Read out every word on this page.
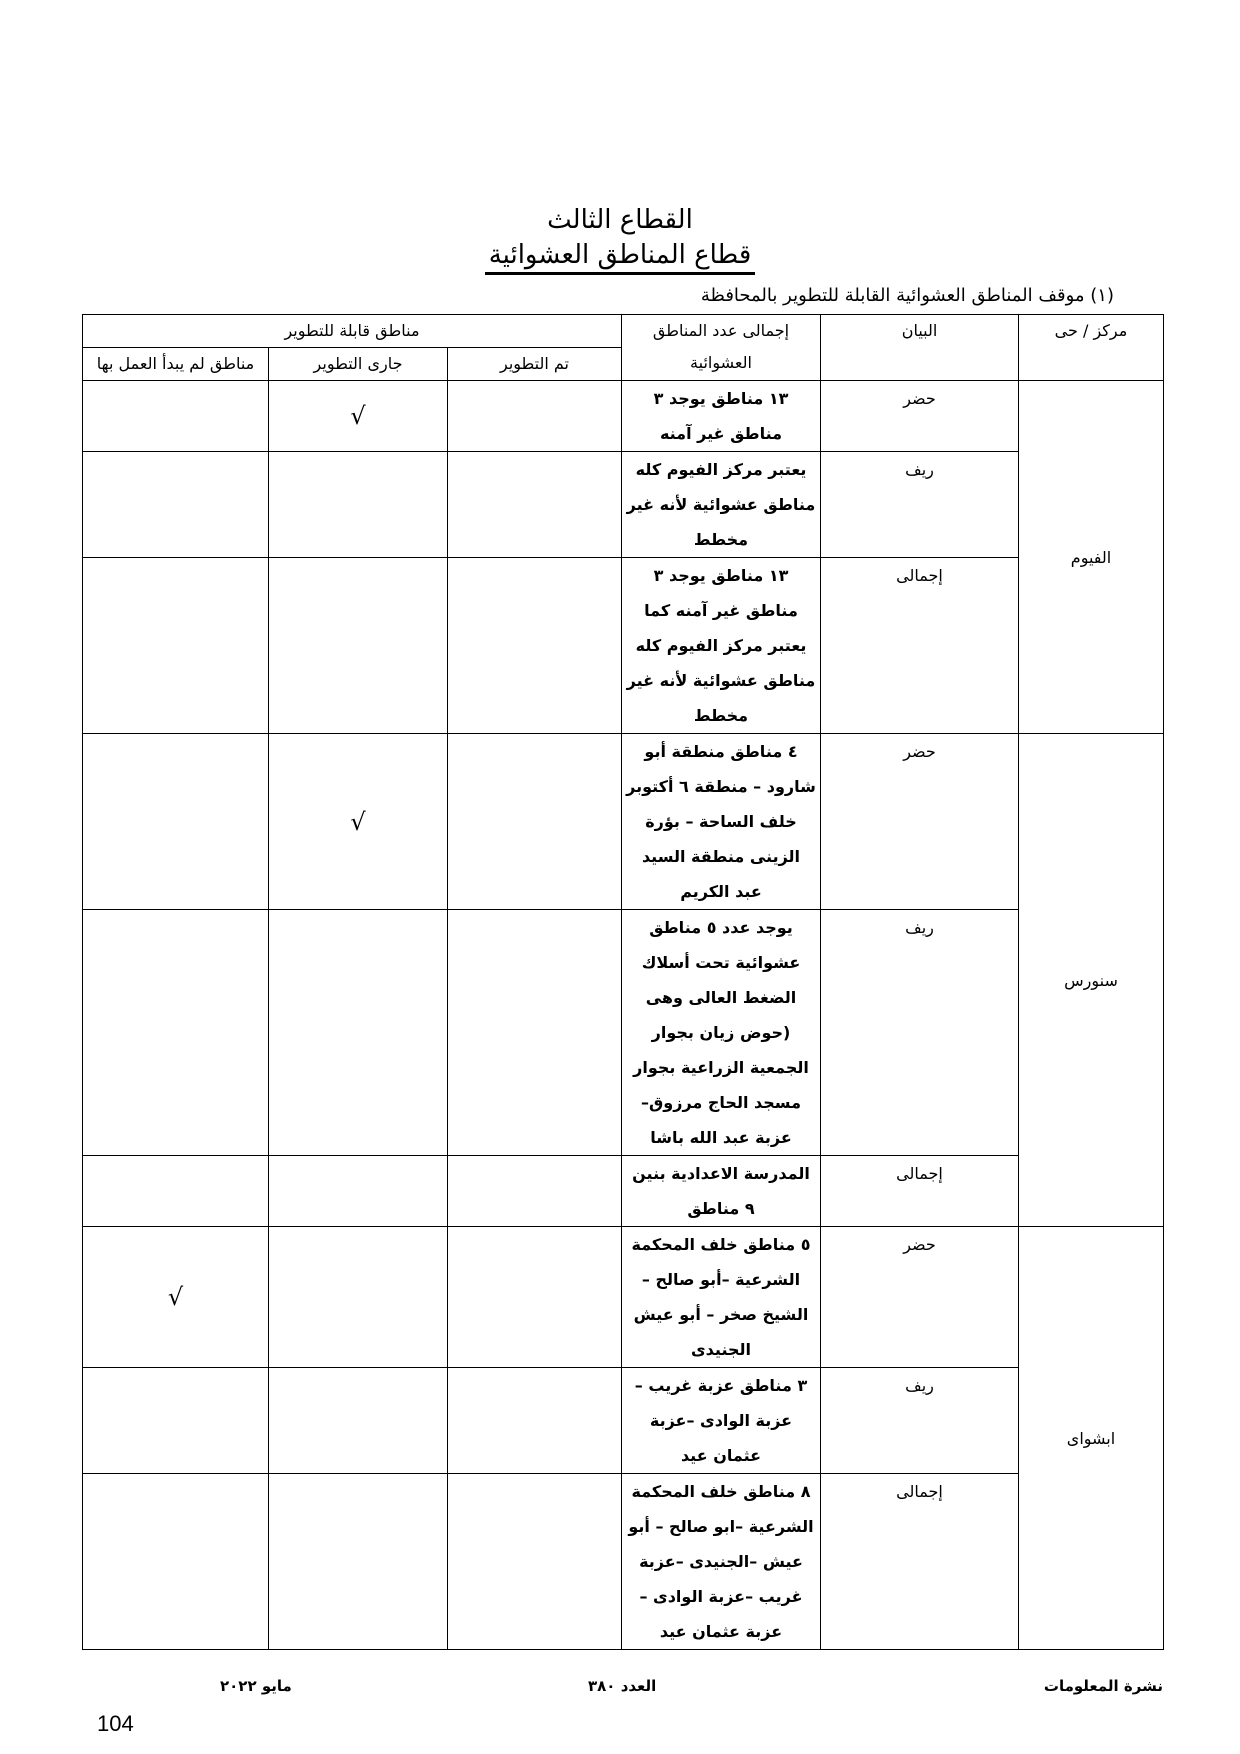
القطاع الثالث
قطاع المناطق العشوائية
(١) موقف المناطق العشوائية القابلة للتطوير بالمحافظة
مركز / حى	البيان	إجمالى عدد المناطق العشوائية	مناطق قابلة للتطوير		
			تم التطوير	جارى التطوير	مناطق لم يبدأ العمل بها
الفيوم	حضر	١٣ مناطق يوجد ٣ مناطق غير آمنه		√	
	ريف	يعتبر مركز الفيوم كله مناطق عشوائية لأنه غير مخطط			
	إجمالى	١٣ مناطق يوجد ٣ مناطق غير آمنه كما يعتبر مركز الفيوم كله مناطق عشوائية لأنه غير مخطط			
سنورس	حضر	٤ مناطق منطقة أبو شارود – منطقة ٦ أكتوبر خلف الساحة – بؤرة الزينى منطقة السيد عبد الكريم		√	
	ريف	يوجد عدد ٥ مناطق عشوائية تحت أسلاك الضغط العالى وهى (حوض زيان بجوار الجمعية الزراعية بجوار مسجد الحاج مرزوق– عزبة عبد الله باشا			
	إجمالى	المدرسة الاعدادية بنين ٩ مناطق			
ابشواى	حضر	٥ مناطق خلف المحكمة الشرعية –أبو صالح – الشيخ صخر – أبو عيش الجنيدى			√
	ريف	٣ مناطق عزبة غريب – عزبة الوادى –عزبة عثمان عيد			
	إجمالى	٨ مناطق خلف المحكمة الشرعية –ابو صالح – أبو عيش –الجنيدى –عزبة غريب –عزبة الوادى – عزبة عثمان عيد			
نشرة المعلومات
العدد ٣٨٠
مايو ٢٠٢٢
104
